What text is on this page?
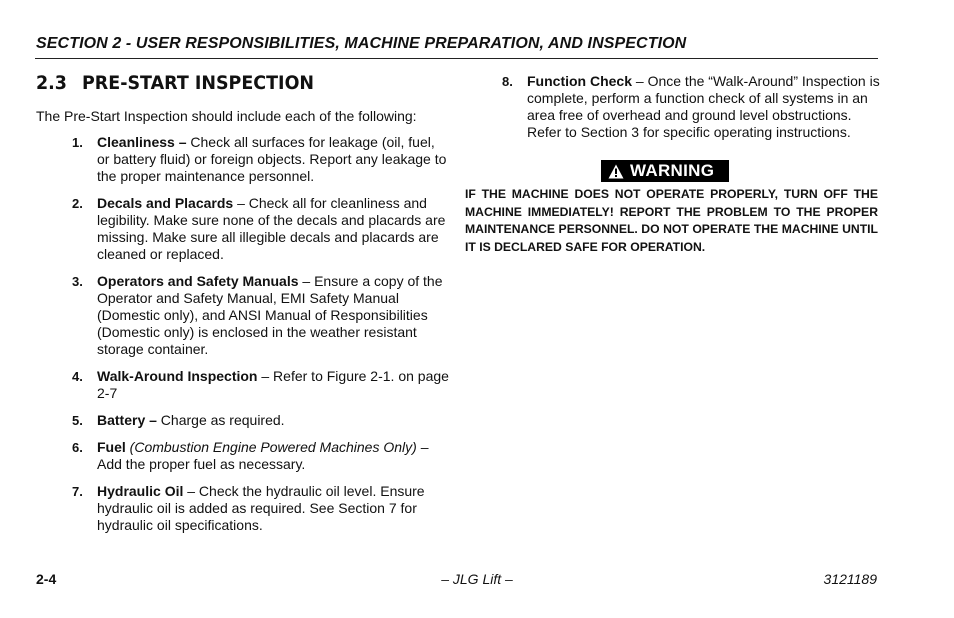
SECTION 2 - USER RESPONSIBILITIES, MACHINE PREPARATION, AND INSPECTION
2.3 PRE-START INSPECTION
The Pre-Start Inspection should include each of the following:
1. Cleanliness – Check all surfaces for leakage (oil, fuel, or battery fluid) or foreign objects. Report any leakage to the proper maintenance personnel.
2. Decals and Placards – Check all for cleanliness and legibility. Make sure none of the decals and placards are missing. Make sure all illegible decals and placards are cleaned or replaced.
3. Operators and Safety Manuals – Ensure a copy of the Operator and Safety Manual, EMI Safety Manual (Domestic only), and ANSI Manual of Responsibilities (Domestic only) is enclosed in the weather resistant storage container.
4. Walk-Around Inspection – Refer to Figure 2-1. on page 2-7
5. Battery – Charge as required.
6. Fuel (Combustion Engine Powered Machines Only) – Add the proper fuel as necessary.
7. Hydraulic Oil – Check the hydraulic oil level. Ensure hydraulic oil is added as required. See Section 7 for hydraulic oil specifications.
8. Function Check – Once the “Walk-Around” Inspection is complete, perform a function check of all systems in an area free of overhead and ground level obstructions. Refer to Section 3 for specific operating instructions.
WARNING
IF THE MACHINE DOES NOT OPERATE PROPERLY, TURN OFF THE MACHINE IMMEDIATELY! REPORT THE PROBLEM TO THE PROPER MAINTENANCE PERSONNEL. DO NOT OPERATE THE MACHINE UNTIL IT IS DECLARED SAFE FOR OPERATION.
2-4	– JLG Lift –	3121189
